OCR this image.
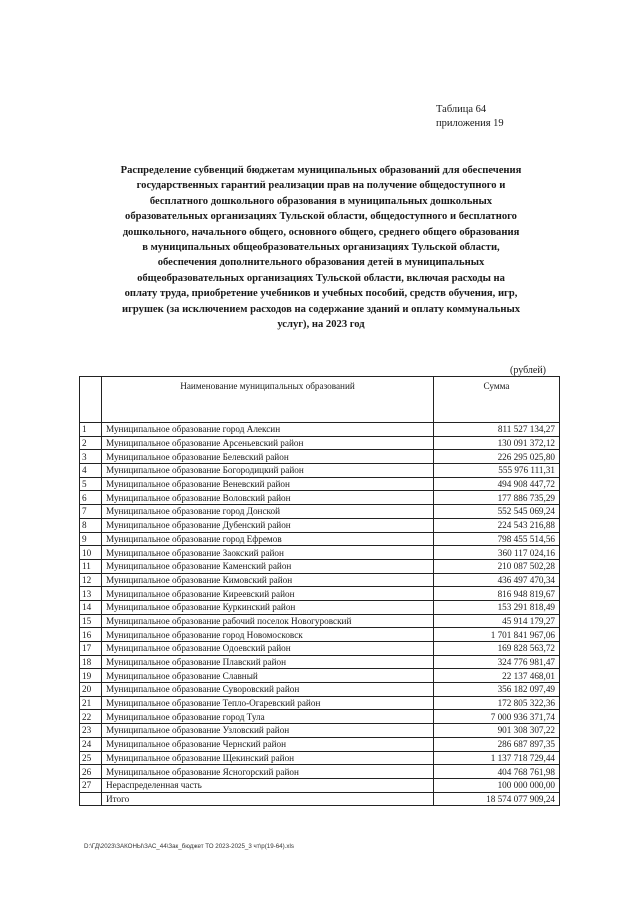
Таблица 64
приложения 19
Распределение субвенций бюджетам муниципальных образований для обеспечения
государственных гарантий реализации прав на получение общедоступного и
бесплатного дошкольного образования в муниципальных дошкольных
образовательных организациях Тульской области, общедоступного и бесплатного
дошкольного, начального общего, основного общего, среднего общего образования
в муниципальных общеобразовательных организациях Тульской области,
обеспечения дополнительного образования детей в муниципальных
общеобразовательных организациях Тульской области, включая расходы на
оплату труда, приобретение учебников и учебных пособий, средств обучения, игр,
игрушек (за исключением расходов на содержание зданий и оплату коммунальных
услуг), на 2023 год
(рублей)
	Наименование муниципальных образований	Сумма
1	Муниципальное образование город Алексин	811 527 134,27
2	Муниципальное образование Арсеньевский район	130 091 372,12
3	Муниципальное образование Белевский район	226 295 025,80
4	Муниципальное образование Богородицкий район	555 976 111,31
5	Муниципальное образование Веневский район	494 908 447,72
6	Муниципальное образование Воловский район	177 886 735,29
7	Муниципальное образование город Донской	552 545 069,24
8	Муниципальное образование Дубенский район	224 543 216,88
9	Муниципальное образование город Ефремов	798 455 514,56
10	Муниципальное образование Заокский район	360 117 024,16
11	Муниципальное образование Каменский район	210 087 502,28
12	Муниципальное образование Кимовский район	436 497 470,34
13	Муниципальное образование Киреевский район	816 948 819,67
14	Муниципальное образование Куркинский район	153 291 818,49
15	Муниципальное образование рабочий поселок Новогуровский	45 914 179,27
16	Муниципальное образование город Новомосковск	1 701 841 967,06
17	Муниципальное образование Одоевский район	169 828 563,72
18	Муниципальное образование Плавский район	324 776 981,47
19	Муниципальное образование Славный	22 137 468,01
20	Муниципальное образование Суворовский район	356 182 097,49
21	Муниципальное образование Тепло-Огаревский район	172 805 322,36
22	Муниципальное образование город Тула	7 000 936 371,74
23	Муниципальное образование Узловский район	901 308 307,22
24	Муниципальное образование Чернский район	286 687 897,35
25	Муниципальное образование Щекинский район	1 137 718 729,44
26	Муниципальное образование Ясногорский район	404 768 761,98
27	Нераспределенная часть	100 000 000,00
	Итого	18 574 077 909,24
D:\ГД\2023\ЗАКОНЫ\ЗАС_44\Зак_бюджет ТО 2023-2025_3 чт\р(19-64).xls
